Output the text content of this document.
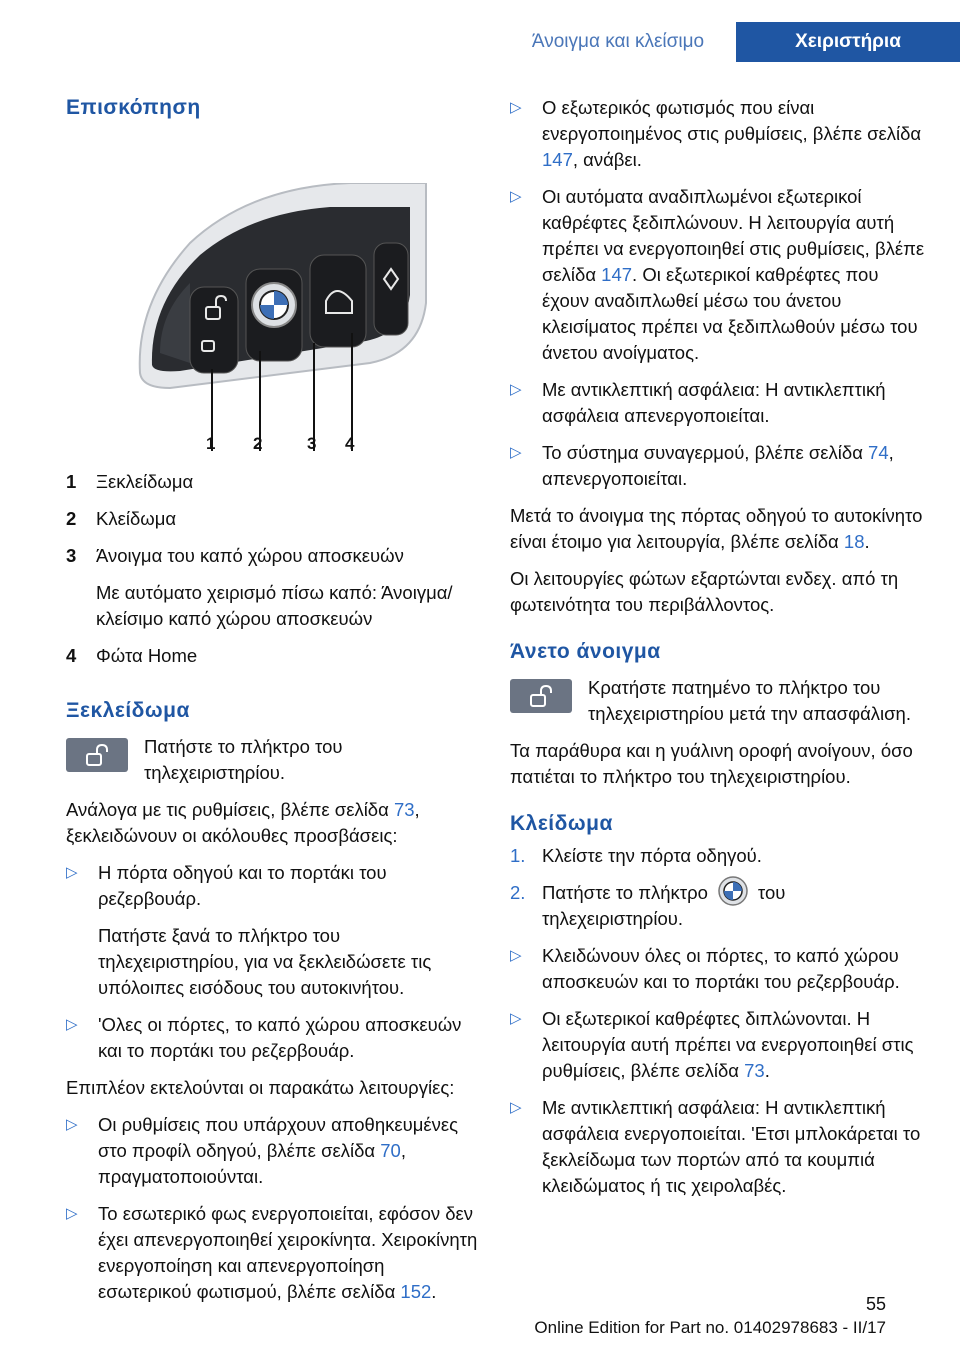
Άνοιγμα και κλείσιμο	Χειριστήρια
Επισκόπηση
1 2	3 4
1	Ξεκλείδωμα
2	Κλείδωμα
3	Άνοιγμα του καπό χώρου αποσκευών
Με αυτόματο χειρισμό πίσω καπό: Άνοιγμα/κλείσιμο καπό χώρου αποσκευών
4	Φώτα Home
Ξεκλείδωμα

Πατήστε το πλήκτρο του τηλεχειριστηρίου.

Ανάλογα με τις ρυθμίσεις, βλέπε σελίδα 73, ξεκλειδώνουν οι ακόλουθες προσβάσεις:

▷	Η πόρτα οδηγού και το πορτάκι του ρεζερβουάρ.
Πατήστε ξανά το πλήκτρο του τηλεχειριστηρίου, για να ξεκλειδώσετε τις υπόλοιπες εισόδους του αυτοκινήτου.
▷	'Ολες οι πόρτες, το καπό χώρου αποσκευών και το πορτάκι του ρεζερβουάρ.

Επιπλέον εκτελούνται οι παρακάτω λειτουργίες:

▷	Οι ρυθμίσεις που υπάρχουν αποθηκευμένες στο προφίλ οδηγού, βλέπε σελίδα 70, πραγματοποιούνται.
▷	Το εσωτερικό φως ενεργοποιείται, εφόσον δεν έχει απενεργοποιηθεί χειροκίνητα. Χειροκίνητη ενεργοποίηση και απενεργοποίηση εσωτερικού φωτισμού, βλέπε σελίδα 152.
▷	Ο εξωτερικός φωτισμός που είναι ενεργοποιημένος στις ρυθμίσεις, βλέπε σελίδα 147, ανάβει.
▷	Οι αυτόματα αναδιπλωμένοι εξωτερικοί καθρέφτες ξεδιπλώνουν. Η λειτουργία αυτή πρέπει να ενεργοποιηθεί στις ρυθμίσεις, βλέπε σελίδα 147. Οι εξωτερικοί καθρέφτες που έχουν αναδιπλωθεί μέσω του άνετου κλεισίματος πρέπει να ξεδιπλωθούν μέσω του άνετου ανοίγματος.
▷	Με αντικλεπτική ασφάλεια: Η αντικλεπτική ασφάλεια απενεργοποιείται.
▷	Το σύστημα συναγερμού, βλέπε σελίδα 74, απενεργοποιείται.

Μετά το άνοιγμα της πόρτας οδηγού το αυτοκίνητο είναι έτοιμο για λειτουργία, βλέπε σελίδα 18.

Οι λειτουργίες φώτων εξαρτώνται ενδεχ. από τη φωτεινότητα του περιβάλλοντος.

Άνετο άνοιγμα

Κρατήστε πατημένο το πλήκτρο του τηλεχειριστηρίου μετά την απασφάλιση.

Τα παράθυρα και η γυάλινη οροφή ανοίγουν, όσο πατιέται το πλήκτρο του τηλεχειριστηρίου.

Κλείδωμα
1. Κλείστε την πόρτα οδηγού.
2. Πατήστε το πλήκτρο	του τηλεχειριστηρίου.
▷	Κλειδώνουν όλες οι πόρτες, το καπό χώρου αποσκευών και το πορτάκι του ρεζερβουάρ.
▷	Οι εξωτερικοί καθρέφτες διπλώνονται. Η λειτουργία αυτή πρέπει να ενεργοποιηθεί στις ρυθμίσεις, βλέπε σελίδα 73.
▷	Με αντικλεπτική ασφάλεια: Η αντικλεπτική ασφάλεια ενεργοποιείται. 'Ετσι μπλοκάρεται το ξεκλείδωμα των πορτών από τα κουμπιά κλειδώματος ή τις χειρολαβές.
55
Online Edition for Part no. 01402978683 - II/17
